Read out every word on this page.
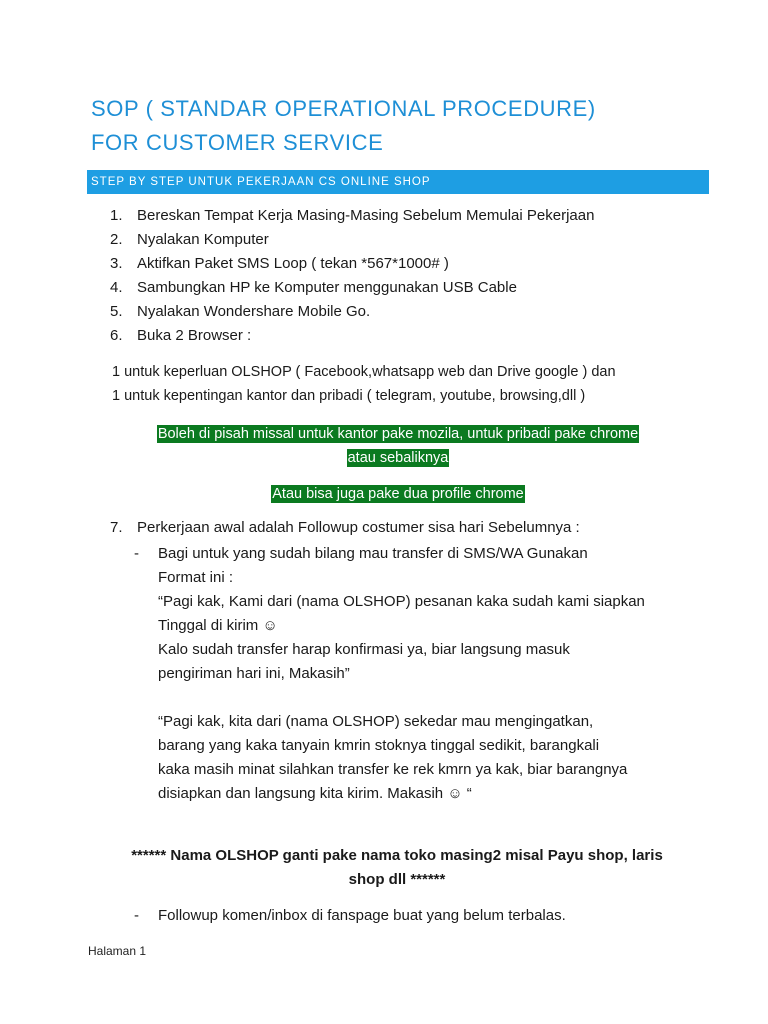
SOP ( STANDAR OPERATIONAL PROCEDURE)
FOR CUSTOMER SERVICE
STEP BY STEP UNTUK PEKERJAAN CS ONLINE SHOP
1. Bereskan Tempat Kerja Masing-Masing Sebelum Memulai Pekerjaan
2. Nyalakan Komputer
3. Aktifkan Paket SMS Loop ( tekan *567*1000# )
4. Sambungkan HP ke Komputer menggunakan USB Cable
5. Nyalakan Wondershare Mobile Go.
6. Buka 2 Browser :

1 untuk keperluan OLSHOP ( Facebook,whatsapp web dan Drive google ) dan

1 untuk kepentingan kantor dan pribadi ( telegram, youtube, browsing,dll )

Boleh di pisah missal untuk kantor pake mozila, untuk pribadi pake chrome
atau sebaliknya
Atau bisa juga pake dua profile chrome
7. Perkerjaan awal adalah Followup costumer sisa hari Sebelumnya :
-	Bagi untuk yang sudah bilang mau transfer di SMS/WA Gunakan

Format ini :

“Pagi kak, Kami dari (nama OLSHOP) pesanan kaka sudah kami siapkan

Tinggal di kirim ☺

Kalo sudah transfer harap konfirmasi ya, biar langsung masuk

pengiriman hari ini, Makasih”

“Pagi kak, kita dari (nama OLSHOP) sekedar mau mengingatkan,

barang yang kaka tanyain kmrin stoknya tinggal sedikit, barangkali

kaka masih minat silahkan transfer ke rek kmrn ya kak, biar barangnya

disiapkan dan langsung kita kirim. Makasih ☺ “

****** Nama OLSHOP ganti pake nama toko masing2 misal Payu shop, laris
shop dll ******
-	Followup komen/inbox di fanspage buat yang belum terbalas.
Halaman 1
